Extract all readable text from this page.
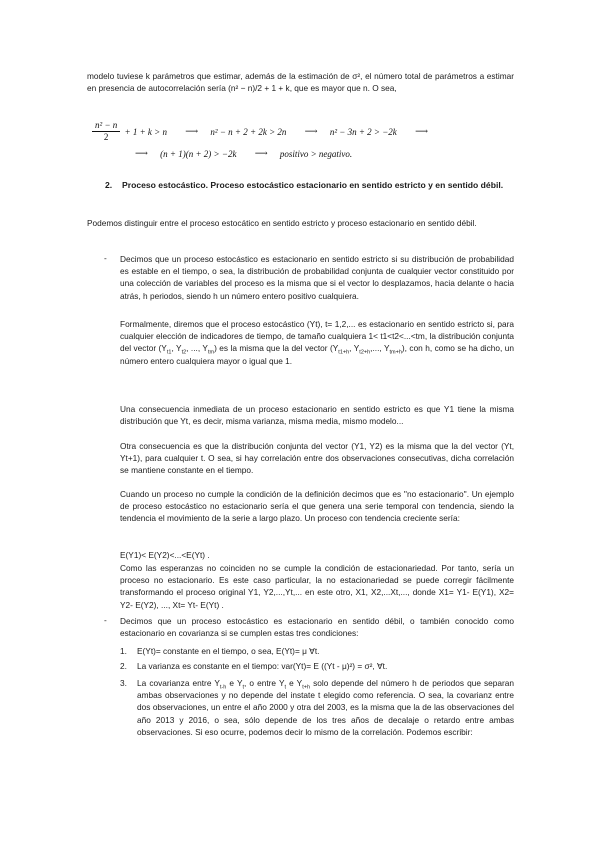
modelo tuviese k parámetros que estimar, además de la estimación de σ², el número total de parámetros a estimar en presencia de autocorrelación sería (n² − n)/2 + 1 + k, que es mayor que n. O sea,

$\frac{\text{n² − n}}{2} + 1 + k > n$ ⟶ n² − n + 2 + 2k > 2n ⟶ n² − 3n + 2 > −2k ⟶
⟶ (n + 1)(n + 2) > −2k ⟶ positivo > negativo.
2. Proceso estocástico. Proceso estocástico estacionario en sentido estricto y en sentido débil.

Podemos distinguir entre el proceso estocático en sentido estricto y proceso estacionario en sentido débil.

- Decimos que un proceso estocástico es estacionario en sentido estricto si su distribución de probabilidad es estable en el tiempo, o sea, la distribución de probabilidad conjunta de cualquier vector constituido por una colección de variables del proceso es la misma que si el vector lo desplazamos, hacia delante o hacia atrás, h periodos, siendo h un número entero positivo cualquiera.

Formalmente, diremos que el proceso estocástico (Yt), t= 1,2,... es estacionario en sentido estricto si, para cualquier elección de indicadores de tiempo, de tamaño cualquiera 1< t1<t2<...<tm, la distribución conjunta del vector ($Y_{t1}$, $Y_{t2}$, ..., $Y_{tm}$) es la misma que la del vector ($Y_{t1+h}$, $Y_{t2+h}$,..., $Y_{tm+h}$), con h, como se ha dicho, un número entero cualquiera mayor o igual que 1.

Una consecuencia inmediata de un proceso estacionario en sentido estricto es que Y1 tiene la misma distribución que Yt, es decir, misma varianza, misma media, mismo modelo...

Otra consecuencia es que la distribución conjunta del vector (Y1, Y2) es la misma que la del vector (Yt, Yt+1), para cualquier t. O sea, si hay correlación entre dos observaciones consecutivas, dicha correlación se mantiene constante en el tiempo.

Cuando un proceso no cumple la condición de la definición decimos que es ''no estacionario''. Un ejemplo de proceso estocástico no estacionario sería el que genera una serie temporal con tendencia, siendo la tendencia el movimiento de la serie a largo plazo. Un proceso con tendencia creciente sería:

E(Y1)< E(Y2)<...<E(Yt) .

Como las esperanzas no coinciden no se cumple la condición de estacionariedad. Por tanto, sería un proceso no estacionario. Es este caso particular, la no estacionariedad se puede corregir fácilmente transformando el proceso original Y1, Y2,...,Yt,... en este otro, X1, X2,...Xt,..., donde X1= Y1- E(Y1), X2= Y2- E(Y2), ..., Xt= Yt- E(Yt) .

- Decimos que un proceso estocástico es estacionario en sentido débil, o también conocido como estacionario en covarianza si se cumplen estas tres condiciones:

1. E(Yt)= constante en el tiempo, o sea, E(Yt)= μ ∀t.
2. La varianza es constante en el tiempo: var(Yt)= E ((Yt - μ)²) = σ², ∀t.
3. La covarianza entre $Y_{t-h}$ e $Y_t$, o entre $Y_t$ e $Y_{t+h}$ solo depende del número h de periodos que separan ambas observaciones y no depende del instate t elegido como referencia. O sea, la covarianz entre dos observaciones, un entre el año 2000 y otra del 2003, es la misma que la de las observaciones del año 2013 y 2016, o sea, sólo depende de los tres años de decalaje o retardo entre ambas observaciones. Si eso ocurre, podemos decir lo mismo de la correlación. Podemos escribir:
